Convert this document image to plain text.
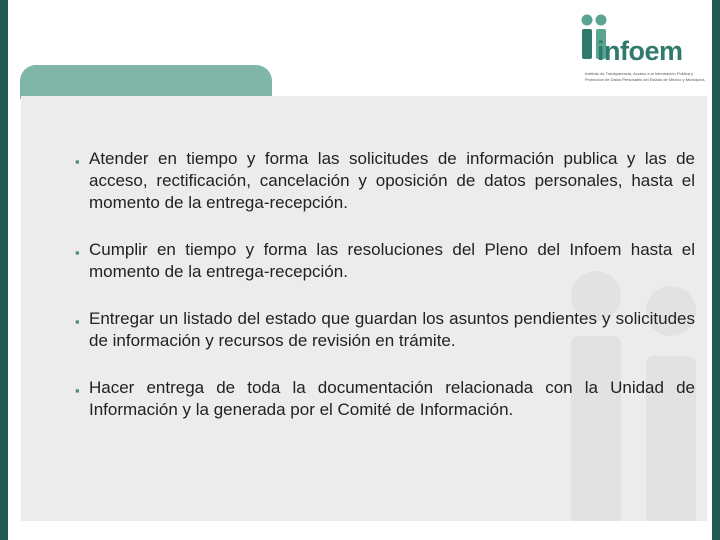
infoem
Instituto de Transparencia, Acceso a la Información Pública y
Protección de Datos Personales del Estado de México y Municipios
▪ Atender en tiempo y forma las solicitudes de información publica y las de acceso, rectificación, cancelación y oposición de datos personales, hasta el momento de la entrega-recepción.
▪ Cumplir en tiempo y forma las resoluciones del Pleno del Infoem hasta el momento de la entrega-recepción.
▪ Entregar un listado del estado que guardan los asuntos pendientes y solicitudes de información y recursos de revisión en trámite.
▪ Hacer entrega de toda la documentación relacionada con la Unidad de Información y la generada por el Comité de Información.
